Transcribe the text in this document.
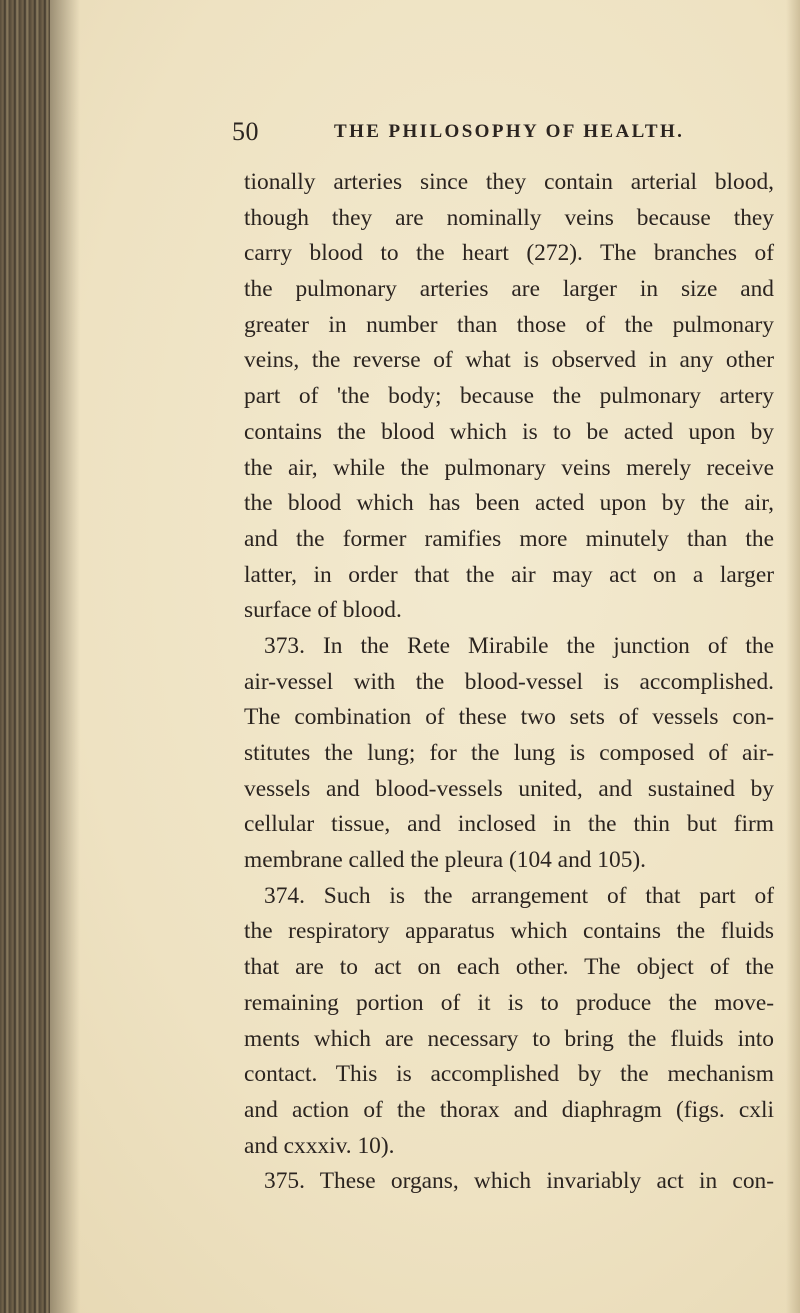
50	THE PHILOSOPHY OF HEALTH.
tionally arteries since they contain arterial blood,
though they are nominally veins because they
carry blood to the heart (272). The branches of
the pulmonary arteries are larger in size and
greater in number than those of the pulmonary
veins, the reverse of what is observed in any other
part of 'the body; because the pulmonary artery
contains the blood which is to be acted upon by
the air, while the pulmonary veins merely receive
the blood which has been acted upon by the air,
and the former ramifies more minutely than the
latter, in order that the air may act on a larger
surface of blood.
373. In the Rete Mirabile the junction of the
air-vessel with the blood-vessel is accomplished.
The combination of these two sets of vessels con-
stitutes the lung; for the lung is composed of air-
vessels and blood-vessels united, and sustained by
cellular tissue, and inclosed in the thin but firm
membrane called the pleura (104 and 105).
374. Such is the arrangement of that part of
the respiratory apparatus which contains the fluids
that are to act on each other. The object of the
remaining portion of it is to produce the move-
ments which are necessary to bring the fluids into
contact. This is accomplished by the mechanism
and action of the thorax and diaphragm (figs. cxli
and cxxxiv. 10).
375. These organs, which invariably act in con-
